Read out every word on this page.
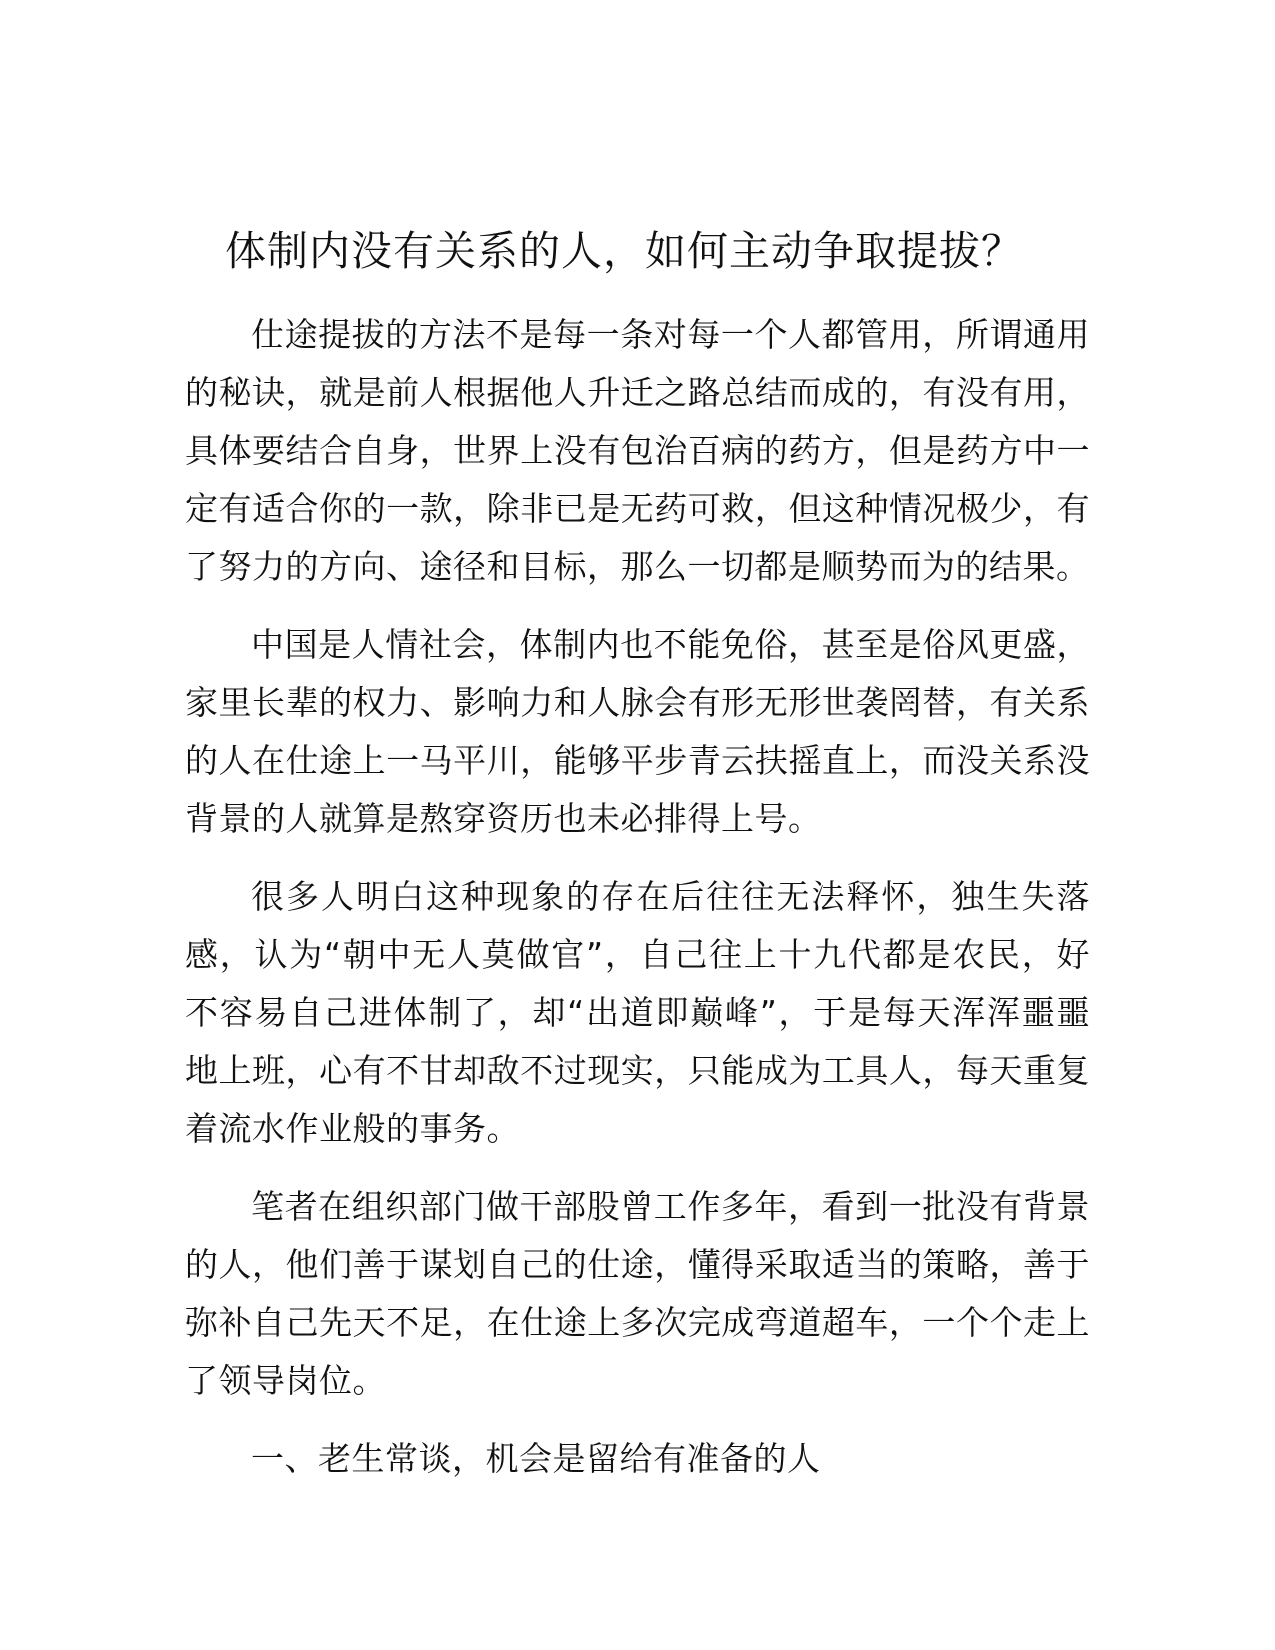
体制内没有关系的人，如何主动争取提拔？

仕途提拔的方法不是每一条对每一个人都管用，所谓通用的秘诀，就是前人根据他人升迁之路总结而成的，有没有用，具体要结合自身，世界上没有包治百病的药方，但是药方中一定有适合你的一款，除非已是无药可救，但这种情况极少，有了努力的方向、途径和目标，那么一切都是顺势而为的结果。

中国是人情社会，体制内也不能免俗，甚至是俗风更盛，家里长辈的权力、影响力和人脉会有形无形世袭罔替，有关系的人在仕途上一马平川，能够平步青云扶摇直上，而没关系没背景的人就算是熬穿资历也未必排得上号。

很多人明白这种现象的存在后往往无法释怀，独生失落感，认为“朝中无人莫做官”，自己往上十九代都是农民，好不容易自己进体制了，却“出道即巅峰”，于是每天浑浑噩噩地上班，心有不甘却敌不过现实，只能成为工具人，每天重复着流水作业般的事务。

笔者在组织部门做干部股曾工作多年，看到一批没有背景的人，他们善于谋划自己的仕途，懂得采取适当的策略，善于弥补自己先天不足，在仕途上多次完成弯道超车，一个个走上了领导岗位。

一、老生常谈，机会是留给有准备的人
